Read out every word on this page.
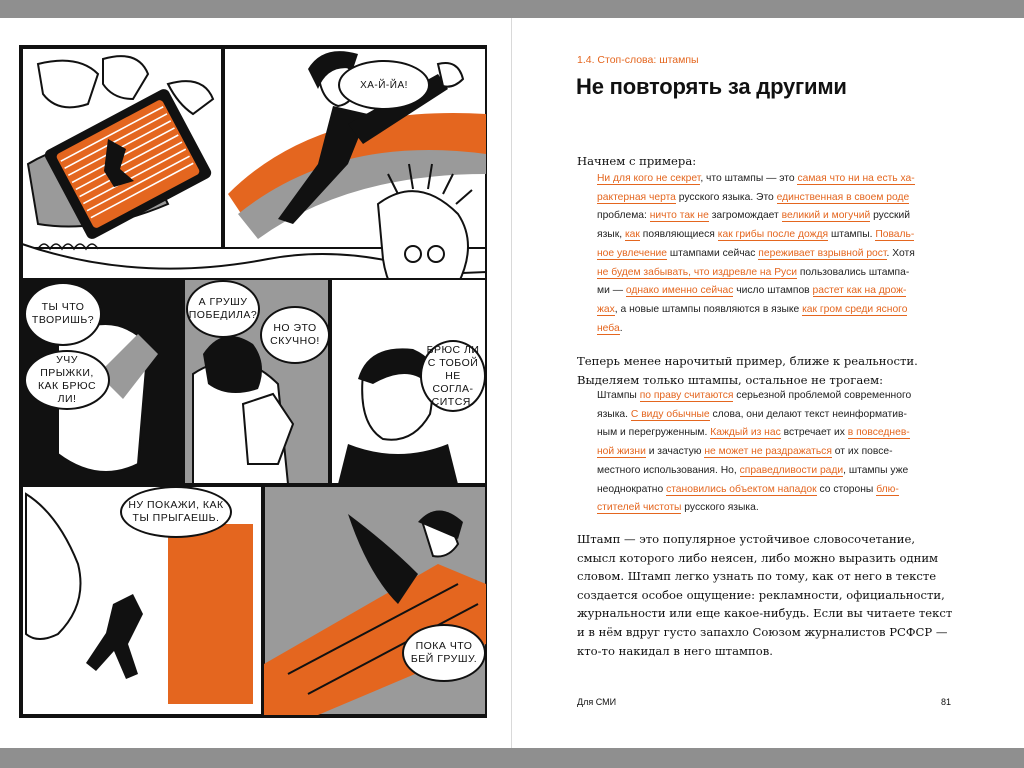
ХА-Й-ЙА!
ТЫ ЧТО
ТВОРИШЬ?
УЧУ ПРЫЖКИ,
КАК БРЮС ЛИ!
А ГРУШУ
ПОБЕДИЛА?
НО ЭТО
СКУЧНО!
БРЮС ЛИ
С ТОБОЙ
НЕ СОГЛА-
СИТСЯ.
НУ ПОКАЖИ, КАК
ТЫ ПРЫГАЕШЬ.
ПОКА ЧТО
БЕЙ ГРУШУ.
1.4. Стоп-слова: штампы
Не повторять за другими
Начнем с примера:
Ни для кого не секрет, что штампы — это самая что ни на есть ха-
рактерная черта русского языка. Это единственная в своем роде
проблема: ничто так не загромождает великий и могучий русский
язык, как появляющиеся как грибы после дождя штампы. Поваль-
ное увлечение штампами сейчас переживает взрывной рост. Хотя
не будем забывать, что издревле на Руси пользовались штампа-
ми — однако именно сейчас число штампов растет как на дрож-
жах, а новые штампы появляются в языке как гром среди ясного
неба.
Теперь менее нарочитый пример, ближе к реальности. Выделяем только штампы, остальное не трогаем:
Штампы по праву считаются серьезной проблемой современного
языка. С виду обычные слова, они делают текст неинформатив-
ным и перегруженным. Каждый из нас встречает их в повседнев-
ной жизни и зачастую не может не раздражаться от их повсе-
местного использования. Но, справедливости ради, штампы уже
неоднократно становились объектом нападок со стороны блю-
стителей чистоты русского языка.
Штамп — это популярное устойчивое словосочетание, смысл которого либо неясен, либо можно выразить одним словом. Штамп легко узнать по тому, как от него в тексте создается особое ощущение: рекламности, официальности, журнальности или еще какое-нибудь. Если вы читаете текст и в нём вдруг густо запахло Союзом журналистов РСФСР — кто-то накидал в него штампов.
Для СМИ	81
